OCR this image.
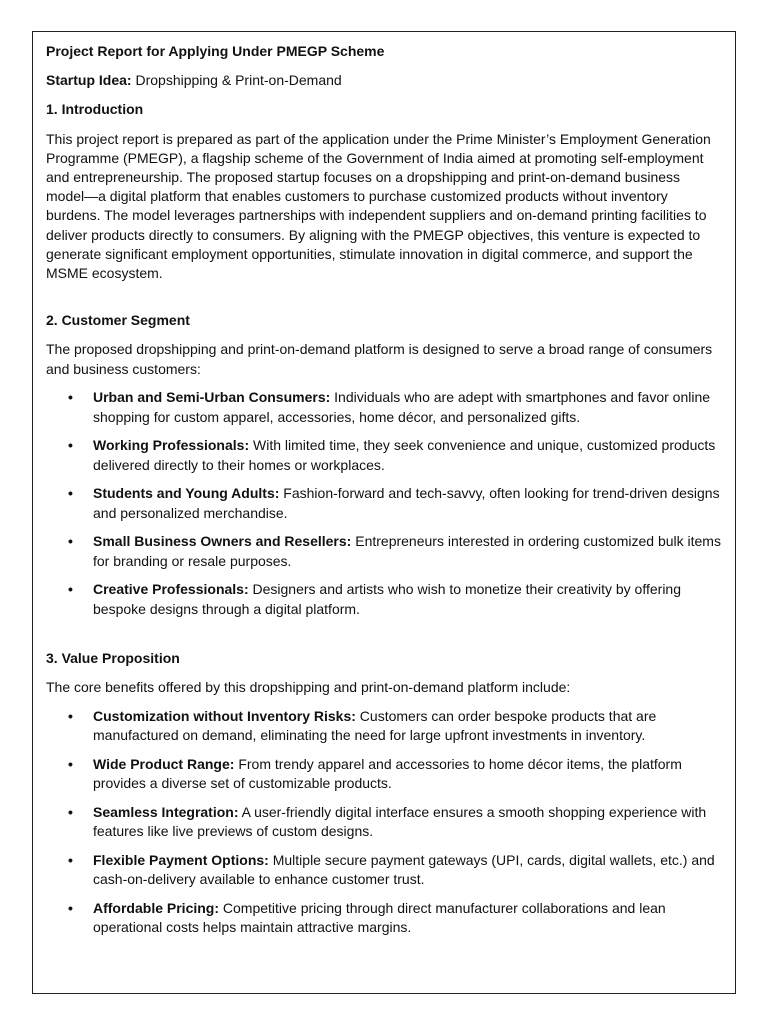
Project Report for Applying Under PMEGP Scheme

Startup Idea: Dropshipping & Print-on-Demand

1. Introduction

This project report is prepared as part of the application under the Prime Minister’s Employment Generation Programme (PMEGP), a flagship scheme of the Government of India aimed at promoting self-employment and entrepreneurship. The proposed startup focuses on a dropshipping and print-on-demand business model—a digital platform that enables customers to purchase customized products without inventory burdens. The model leverages partnerships with independent suppliers and on-demand printing facilities to deliver products directly to consumers. By aligning with the PMEGP objectives, this venture is expected to generate significant employment opportunities, stimulate innovation in digital commerce, and support the MSME ecosystem.

2. Customer Segment

The proposed dropshipping and print-on-demand platform is designed to serve a broad range of consumers and business customers:

• Urban and Semi-Urban Consumers: Individuals who are adept with smartphones and favor online shopping for custom apparel, accessories, home décor, and personalized gifts.
• Working Professionals: With limited time, they seek convenience and unique, customized products delivered directly to their homes or workplaces.
• Students and Young Adults: Fashion-forward and tech-savvy, often looking for trend-driven designs and personalized merchandise.
• Small Business Owners and Resellers: Entrepreneurs interested in ordering customized bulk items for branding or resale purposes.
• Creative Professionals: Designers and artists who wish to monetize their creativity by offering bespoke designs through a digital platform.

3. Value Proposition

The core benefits offered by this dropshipping and print-on-demand platform include:

• Customization without Inventory Risks: Customers can order bespoke products that are manufactured on demand, eliminating the need for large upfront investments in inventory.
• Wide Product Range: From trendy apparel and accessories to home décor items, the platform provides a diverse set of customizable products.
• Seamless Integration: A user-friendly digital interface ensures a smooth shopping experience with features like live previews of custom designs.
• Flexible Payment Options: Multiple secure payment gateways (UPI, cards, digital wallets, etc.) and cash-on-delivery available to enhance customer trust.
• Affordable Pricing: Competitive pricing through direct manufacturer collaborations and lean operational costs helps maintain attractive margins.
